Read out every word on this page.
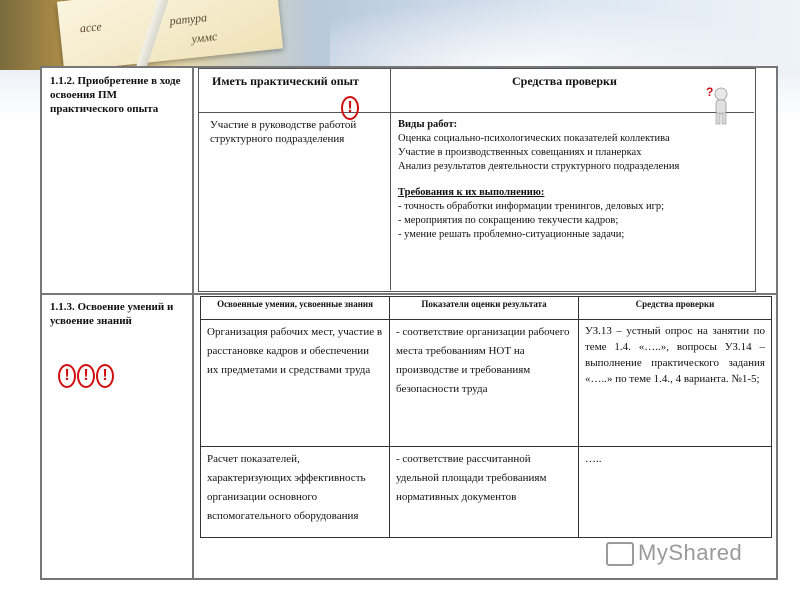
ассе	ратура
уммс
1.1.2. Приобретение в ходе освоения ПМ практического опыта
Иметь практический опыт	Средства проверки
!
Участие в руководстве работой структурного подразделения
Виды работ:
Оценка социально-психологических показателей коллектива
Участие в производственных совещаниях и планерках
Анализ результатов деятельности структурного подразделения
Требования к их выполнению:
- точность обработки информации тренингов, деловых игр;
- мероприятия по сокращению текучести кадров;
- умение решать проблемно-ситуационные задачи;
1.1.3. Освоение умений и усвоение знаний
! ! !
Освоенные умения, усвоенные знания	Показатели оценки результата	Средства проверки
Организация рабочих мест, участие в расстановке кадров и обеспечении их предметами и средствами труда	- соответствие организации рабочего места требованиям НОТ на производстве и требованиям безопасности труда	УЗ.13 – устный опрос на занятии по теме 1.4. «…..», вопросы УЗ.14 – выполнение практического задания «…..» по теме 1.4., 4 варианта. №1-5;
Расчет показателей, характеризующих эффективность организации основного вспомогательного оборудования	- соответствие рассчитанной удельной площади требованиям нормативных документов	…..
?
MyShared
